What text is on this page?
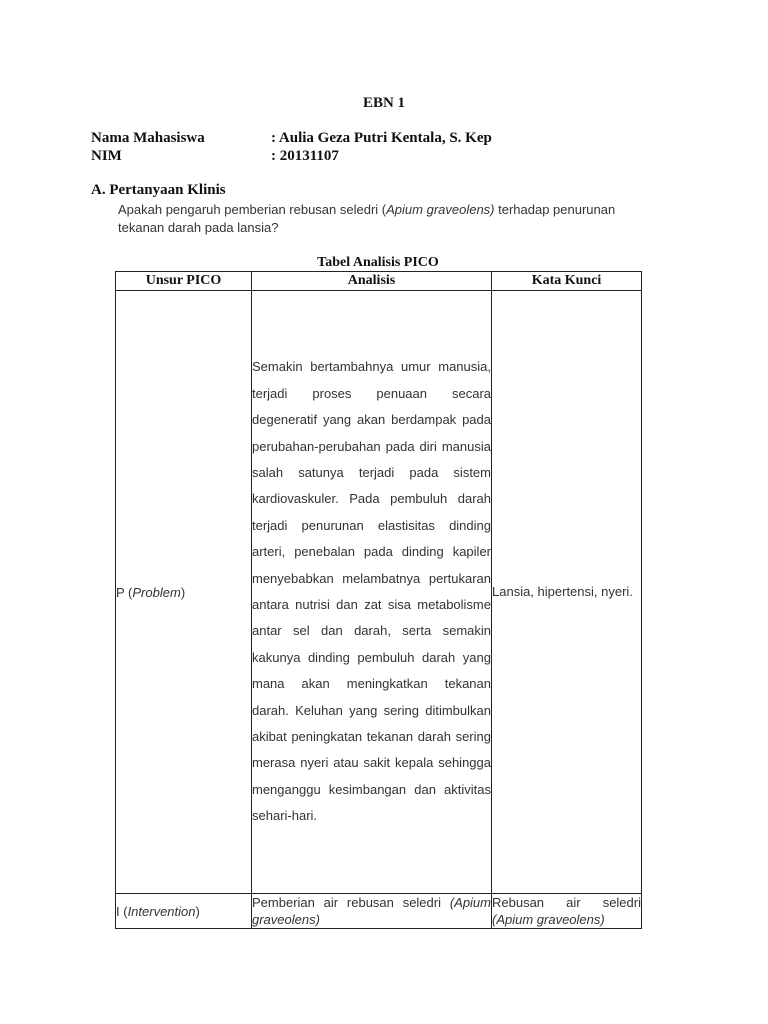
EBN 1
Nama Mahasiswa	: Aulia Geza Putri Kentala, S. Kep
NIM	: 20131107
A. Pertanyaan Klinis
Apakah pengaruh pemberian rebusan seledri (Apium graveolens) terhadap penurunan tekanan darah pada lansia?
Tabel Analisis PICO
Unsur PICO	Analisis	Kata Kunci
P (Problem)	Semakin bertambahnya umur manusia, terjadi proses penuaan secara degeneratif yang akan berdampak pada perubahan-perubahan pada diri manusia salah satunya terjadi pada sistem kardiovaskuler. Pada pembuluh darah terjadi penurunan elastisitas dinding arteri, penebalan pada dinding kapiler menyebabkan melambatnya pertukaran antara nutrisi dan zat sisa metabolisme antar sel dan darah, serta semakin kakunya dinding pembuluh darah yang mana akan meningkatkan tekanan darah. Keluhan yang sering ditimbulkan akibat peningkatan tekanan darah sering merasa nyeri atau sakit kepala sehingga menganggu kesimbangan dan aktivitas sehari-hari.	Lansia, hipertensi, nyeri.
I (Intervention)	Pemberian air rebusan seledri (Apium graveolens)	Rebusan air seledri (Apium graveolens)
